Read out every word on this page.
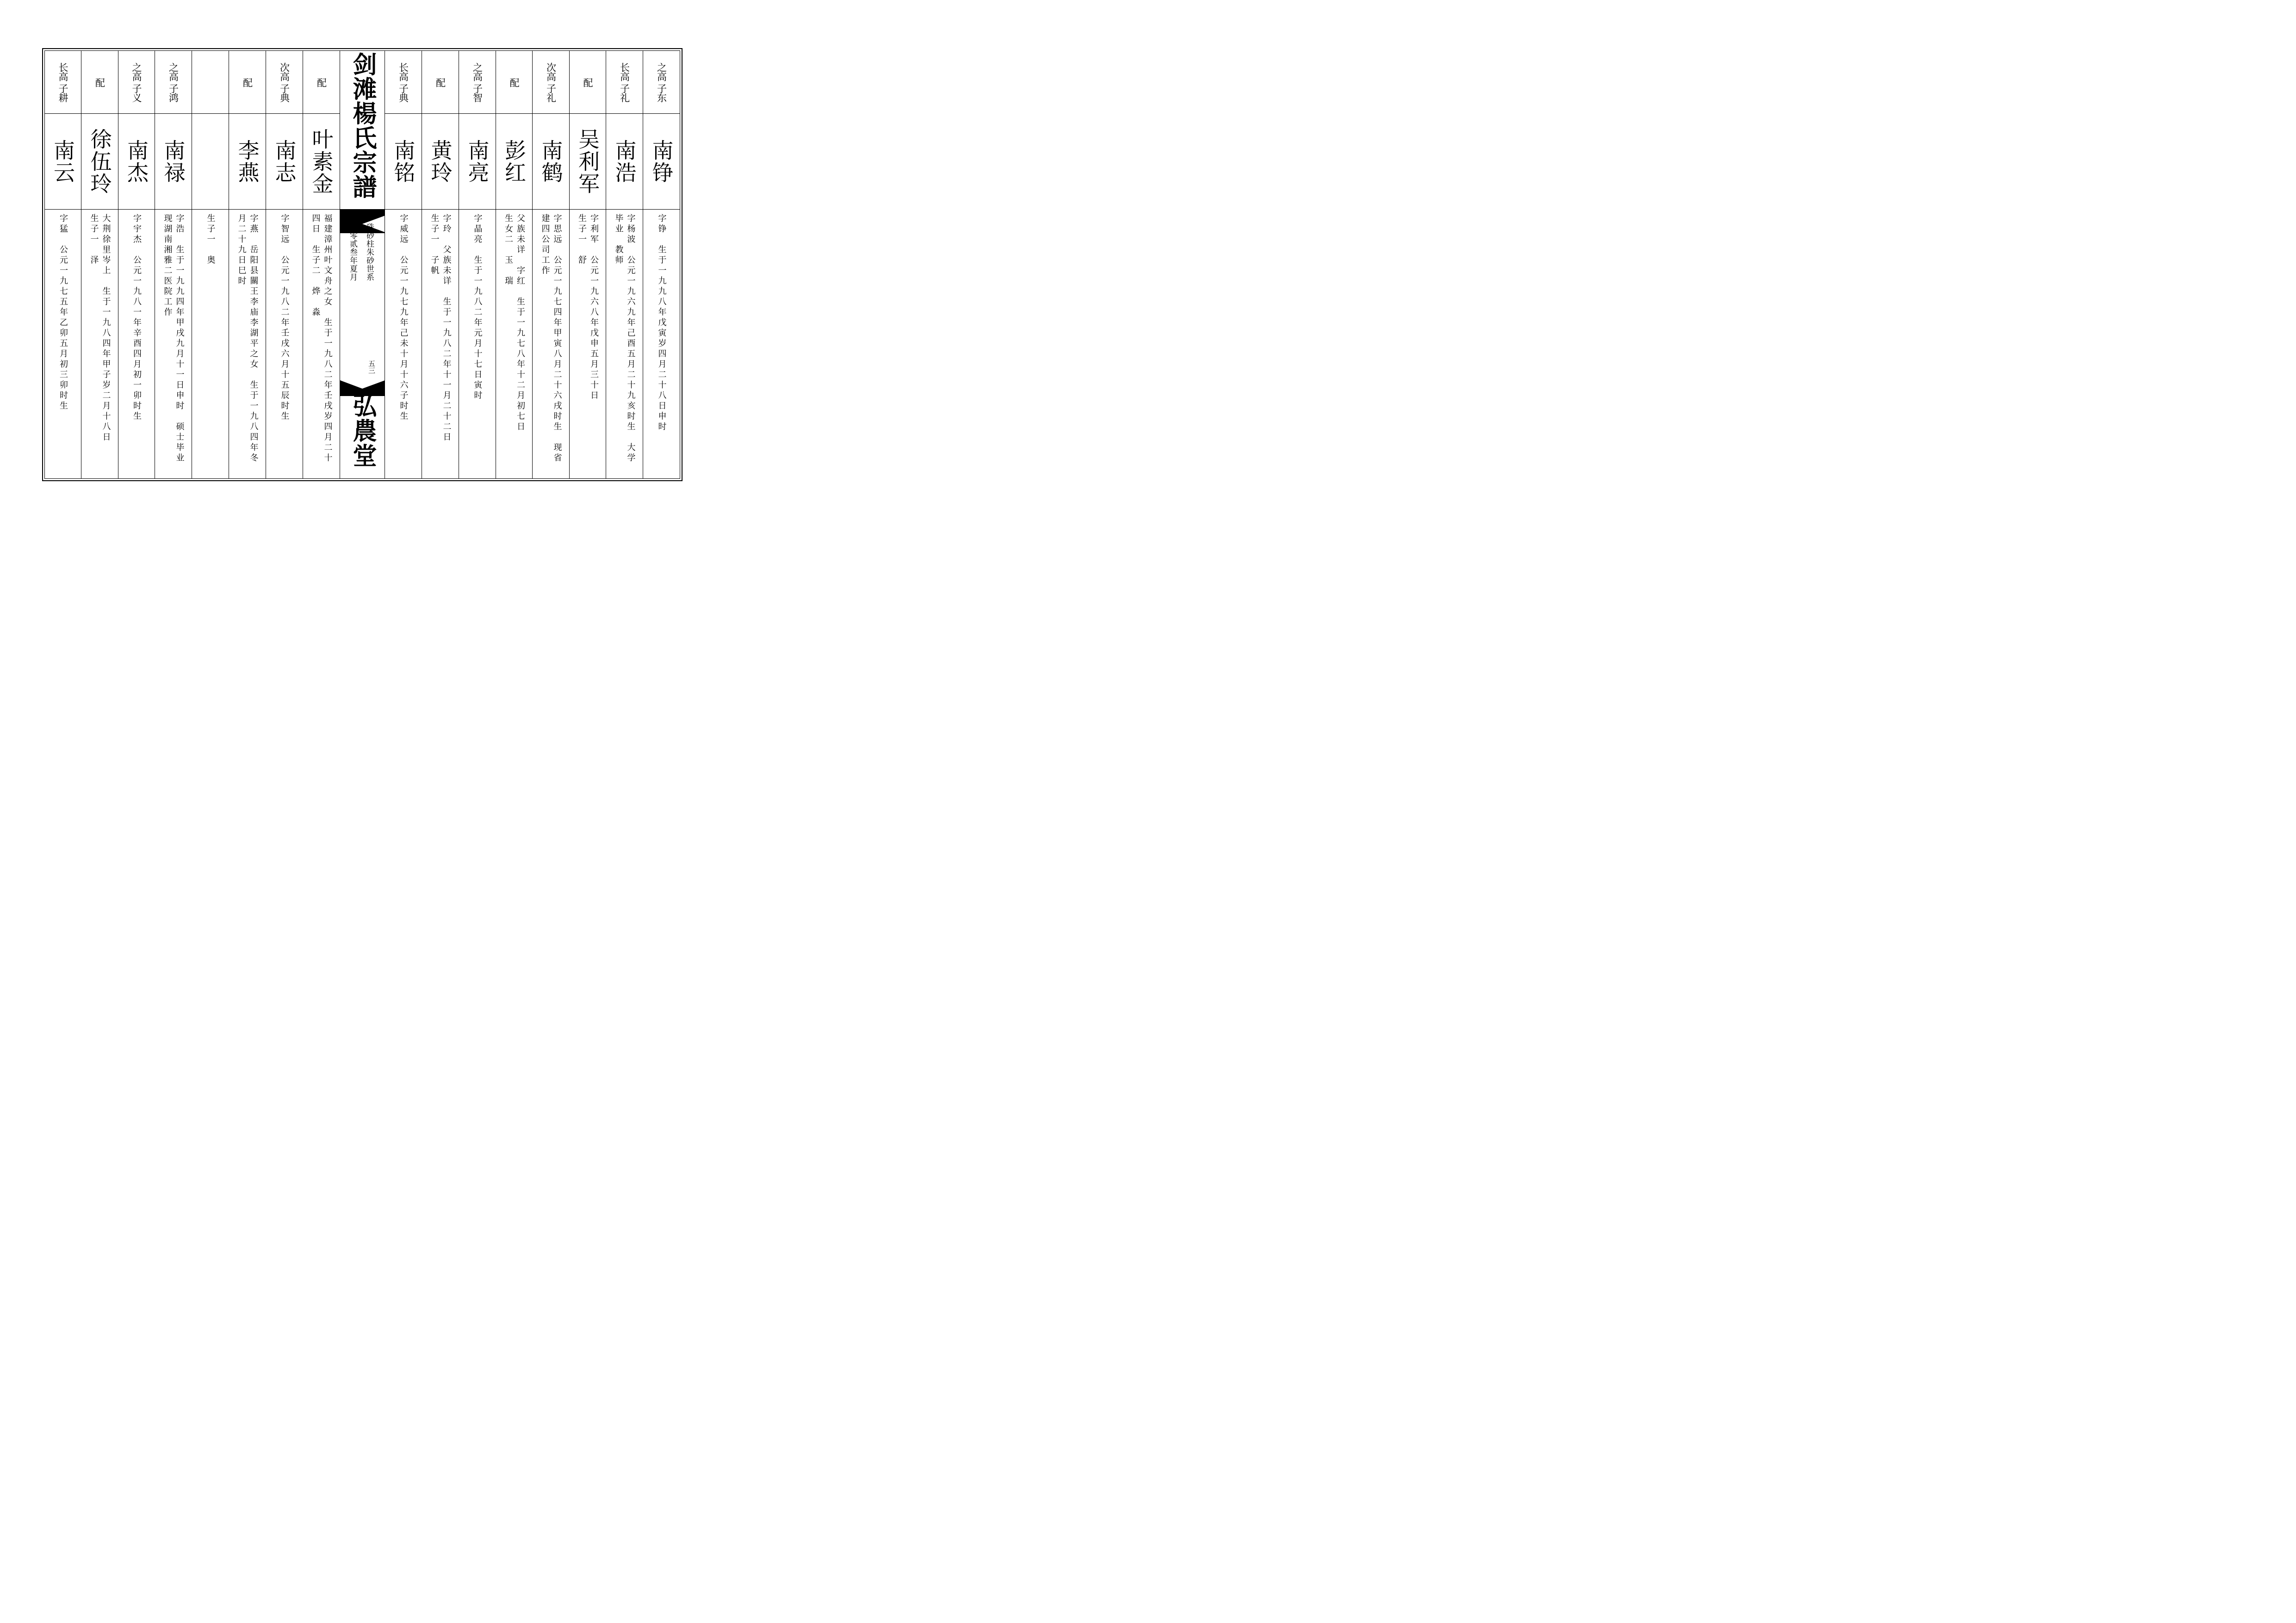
之高 子东
南铮
字铮　生于一九九八年戊寅岁四月二十八日申时
长高 子礼
南浩
字杨波　公元一九六九年己酉五月二十九亥时生　大学
毕业　教师
配
吴利军
字利军　公元一九六八年戊申五月三十日
生子一　舒
次高 子礼
南鹤
字思远　公元一九七四年甲寅八月二十六戌时生　现省
建四公司工作
配
彭红
父族未详　字红　生于一九七八年十二月初七日
生女二　玉　瑞
之高 子智
南亮
字晶亮　生于一九八二年元月十七日寅时
配
黄玲
字玲　父族未详　生于一九八二年十一月二十二日
生子一　子帆
长高 子典
南铭
字威远　公元一九七九年己未十月十六子时生
剑滩楊氏宗譜
硃砂柱朱砂世系
贰零贰叁年夏月
五三
弘農堂
配
叶素金
福建漳州叶文舟之女　生于一九八二年壬戌岁四月二十
四日　生子二　烨　淼
次高 子典
南志
字智远　公元一九八二年壬戌六月十五辰时生
配
李燕
字燕　岳阳县關王李庙李湖平之女　生于一九八四年冬
月二十九日巳时
生子一　奥
之高 子鸿
南禄
字浩　生于一九九四年甲戌九月十一日申时　硕士毕业
现湖南湘雅二医院工作
之高 子义
南杰
字宇杰　公元一九八一年辛酉四月初一卯时生
配
徐伍玲
大荆徐里岑上　生于一九八四年甲子岁二月十八日
生子一　泽
长高 子耕
南云
字猛　公元一九七五年乙卯五月初三卯时生
